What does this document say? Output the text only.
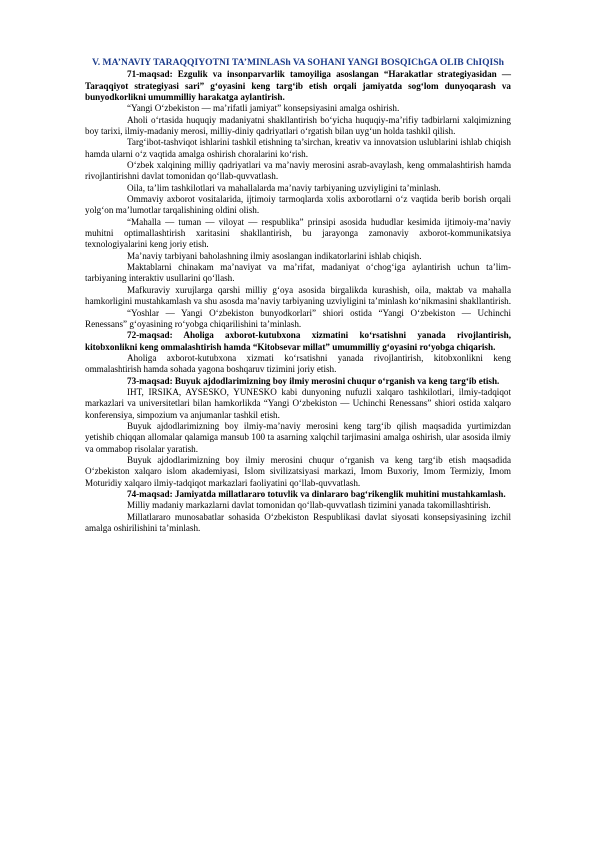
V. MA’NAVIY TARAQQIYOTNI TA’MINLASh VA SOHANI YANGI BOSQIChGA OLIB ChIQISh

71-maqsad: Ezgulik va insonparvarlik tamoyiliga asoslangan “Harakatlar strategiyasidan — Taraqqiyot strategiyasi sari” g‘oyasini keng targ‘ib etish orqali jamiyatda sog‘lom dunyoqarash va bunyodkorlikni umummilliy harakatga aylantirish.

“Yangi O‘zbekiston — ma’rifatli jamiyat” konsepsiyasini amalga oshirish.

Aholi o‘rtasida huquqiy madaniyatni shakllantirish bo‘yicha huquqiy-ma’rifiy tadbirlarni xalqimizning boy tarixi, ilmiy-madaniy merosi, milliy-diniy qadriyatlari o‘rgatish bilan uyg‘un holda tashkil qilish.

Targ‘ibot-tashviqot ishlarini tashkil etishning ta’sirchan, kreativ va innovatsion uslublarini ishlab chiqish hamda ularni o‘z vaqtida amalga oshirish choralarini ko‘rish.

O‘zbek xalqining milliy qadriyatlari va ma’naviy merosini asrab-avaylash, keng ommalashtirish hamda rivojlantirishni davlat tomonidan qo‘llab-quvvatlash.

Oila, ta’lim tashkilotlari va mahallalarda ma’naviy tarbiyaning uzviyligini ta’minlash.

Ommaviy axborot vositalarida, ijtimoiy tarmoqlarda xolis axborotlarni o‘z vaqtida berib borish orqali yolg‘on ma’lumotlar tarqalishining oldini olish.

“Mahalla — tuman — viloyat — respublika” prinsipi asosida hududlar kesimida ijtimoiy-ma’naviy muhitni optimallashtirish xaritasini shakllantirish, bu jarayonga zamonaviy axborot-kommunikatsiya texnologiyalarini keng joriy etish.

Ma’naviy tarbiyani baholashning ilmiy asoslangan indikatorlarini ishlab chiqish.

Maktablarni chinakam ma’naviyat va ma’rifat, madaniyat o‘chog‘iga aylantirish uchun ta’lim-tarbiyaning interaktiv usullarini qo‘llash.

Mafkuraviy xurujlarga qarshi milliy g‘oya asosida birgalikda kurashish, oila, maktab va mahalla hamkorligini mustahkamlash va shu asosda ma’naviy tarbiyaning uzviyligini ta’minlash ko‘nikmasini shakllantirish.

“Yoshlar — Yangi O‘zbekiston bunyodkorlari” shiori ostida “Yangi O‘zbekiston — Uchinchi Renessans” g‘oyasining ro‘yobga chiqarilishini ta’minlash.

72-maqsad: Aholiga axborot-kutubxona xizmatini ko‘rsatishni yanada rivojlantirish, kitobxonlikni keng ommalashtirish hamda “Kitobsevar millat” umummilliy g‘oyasini ro‘yobga chiqarish.

Aholiga axborot-kutubxona xizmati ko‘rsatishni yanada rivojlantirish, kitobxonlikni keng ommalashtirish hamda sohada yagona boshqaruv tizimini joriy etish.

73-maqsad: Buyuk ajdodlarimizning boy ilmiy merosini chuqur o‘rganish va keng targ‘ib etish.

IHT, IRSIKA, AYSESKO, YUNESKO kabi dunyoning nufuzli xalqaro tashkilotlari, ilmiy-tadqiqot markazlari va universitetlari bilan hamkorlikda “Yangi O‘zbekiston — Uchinchi Renessans” shiori ostida xalqaro konferensiya, simpozium va anjumanlar tashkil etish.

Buyuk ajdodlarimizning boy ilmiy-ma’naviy merosini keng targ‘ib qilish maqsadida yurtimizdan yetishib chiqqan allomalar qalamiga mansub 100 ta asarning xalqchil tarjimasini amalga oshirish, ular asosida ilmiy va ommabop risolalar yaratish.

Buyuk ajdodlarimizning boy ilmiy merosini chuqur o‘rganish va keng targ‘ib etish maqsadida O‘zbekiston xalqaro islom akademiyasi, Islom sivilizatsiyasi markazi, Imom Buxoriy, Imom Termiziy, Imom Moturidiy xalqaro ilmiy-tadqiqot markazlari faoliyatini qo‘llab-quvvatlash.

74-maqsad: Jamiyatda millatlararo totuvlik va dinlararo bag‘rikenglik muhitini mustahkamlash.

Milliy madaniy markazlarni davlat tomonidan qo‘llab-quvvatlash tizimini yanada takomillashtirish.

Millatlararo munosabatlar sohasida O‘zbekiston Respublikasi davlat siyosati konsepsiyasining izchil amalga oshirilishini ta’minlash.
